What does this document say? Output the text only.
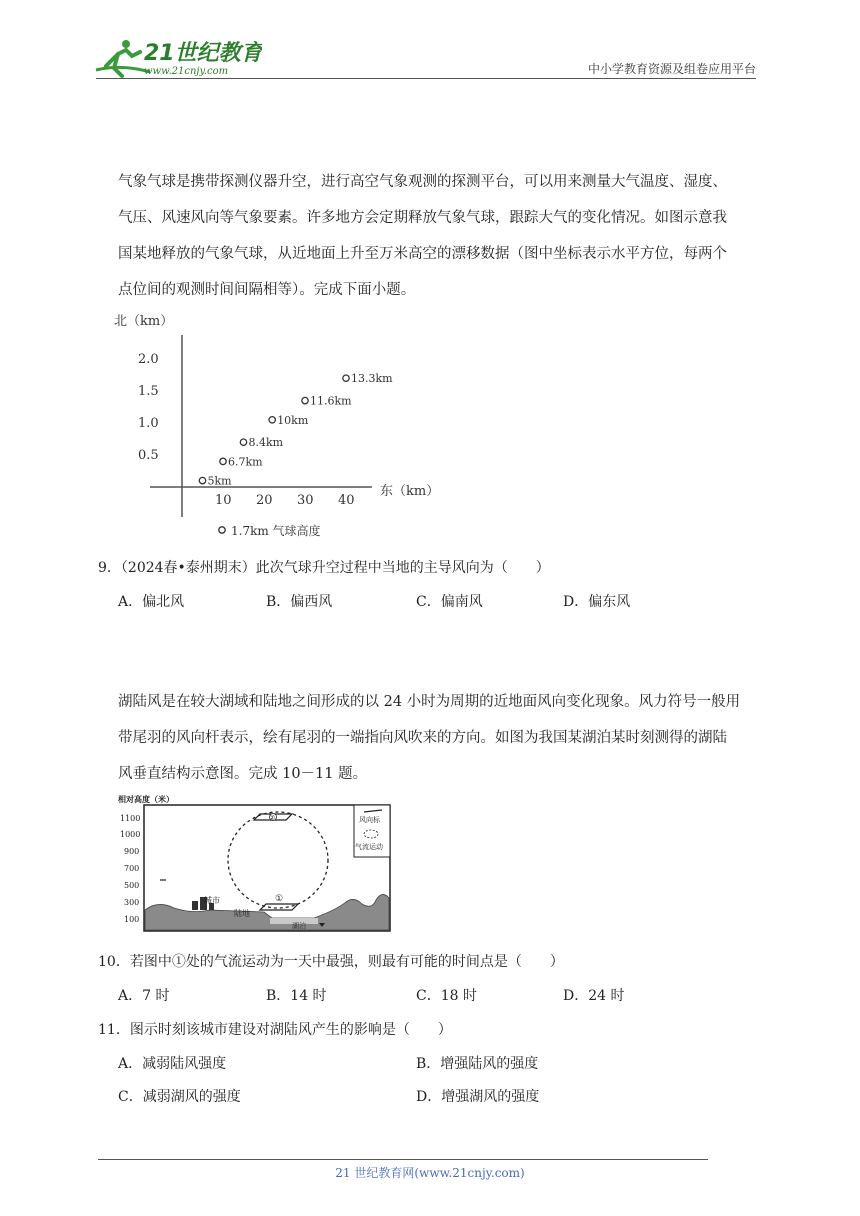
21世纪教育
www.21cnjy.com	中小学教育资源及组卷应用平台
气象气球是携带探测仪器升空，进行高空气象观测的探测平台，可以用来测量大气温度、湿度、
气压、风速风向等气象要素。许多地方会定期释放气象气球，跟踪大气的变化情况。如图示意我
国某地释放的气象气球，从近地面上升至万米高空的漂移数据（图中坐标表示水平方位，每两个
点位间的观测时间间隔相等）。完成下面小题。
北（km）
东（km）
0.5
1.0
1.5
2.0
10 20 30 40
5km
6.7km
8.4km
10km
11.6km
13.3km
1.7km 气球高度
9．（2024春•泰州期末）此次气球升空过程中当地的主导风向为（　　）
A．偏北风	B．偏西风	C．偏南风	D．偏东风
湖陆风是在较大湖域和陆地之间形成的以 24 小时为周期的近地面风向变化现象。风力符号一般用
带尾羽的风向杆表示，绘有尾羽的一端指向风吹来的方向。如图为我国某湖泊某时刻测得的湖陆
风垂直结构示意图。完成 10－11 题。
相对高度（米）
1100
1000
900
700
500
300
100
②
①
城市
陆地
湖泊
风向标
气流运动
10．若图中①处的气流运动为一天中最强，则最有可能的时间点是（　　）
A．7 时	B．14 时	C．18 时	D．24 时
11．图示时刻该城市建设对湖陆风产生的影响是（　　）
A．减弱陆风强度	B．增强陆风的强度
C．减弱湖风的强度	D．增强湖风的强度
21 世纪教育网(www.21cnjy.com)
